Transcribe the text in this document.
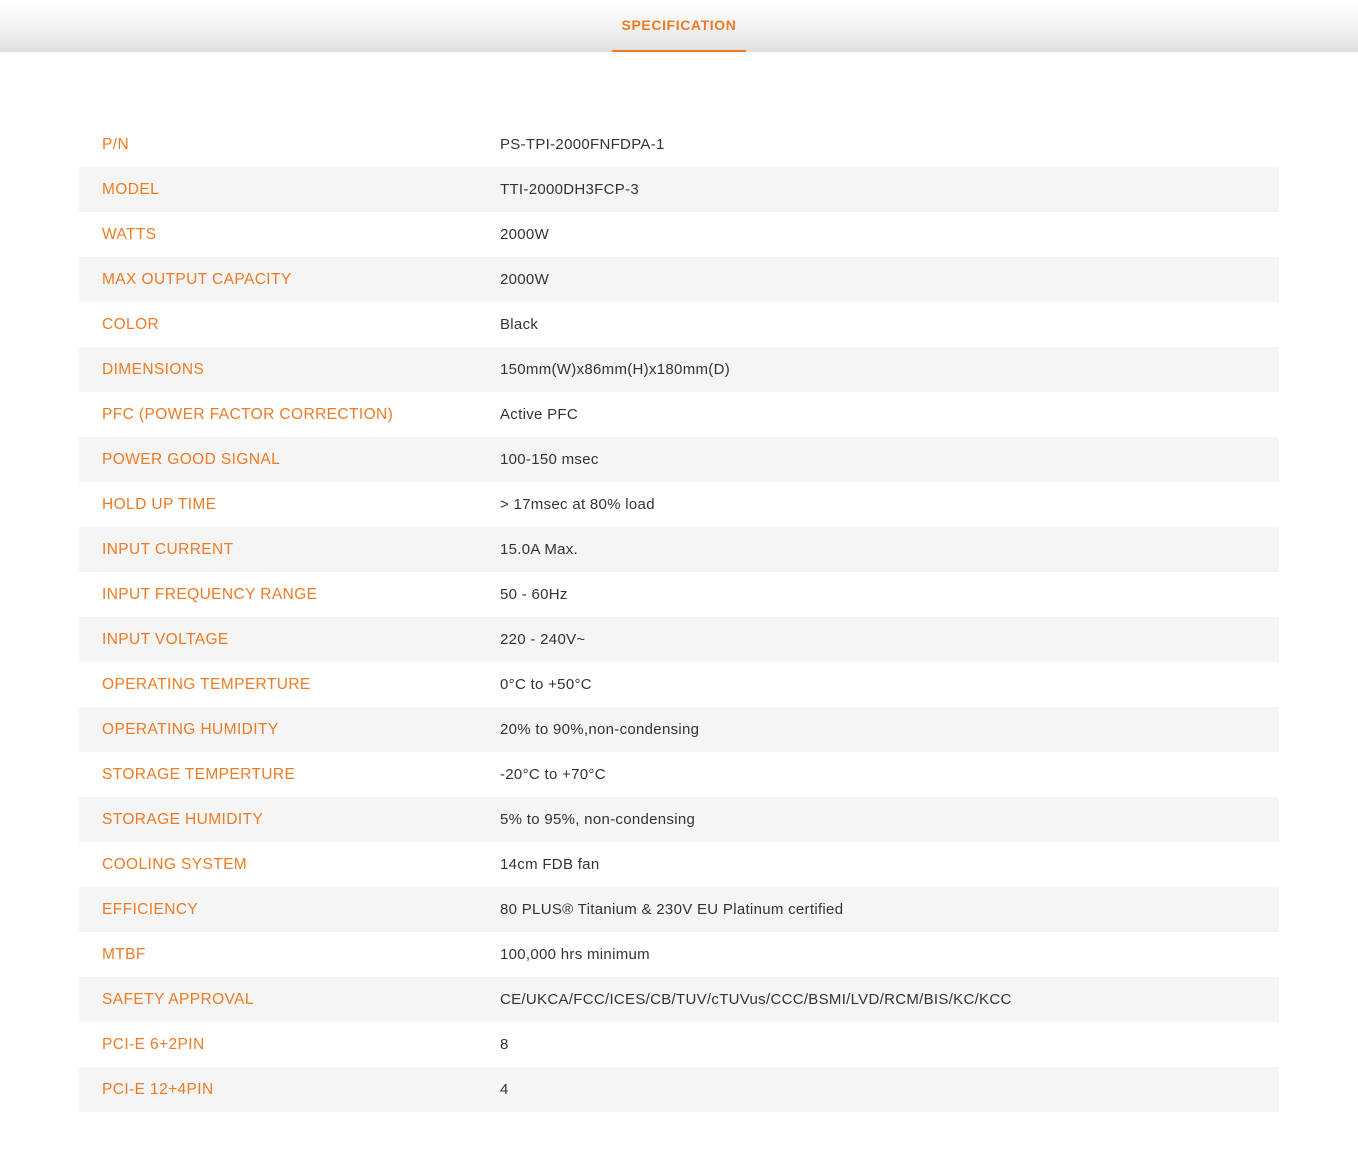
SPECIFICATION
P/N	PS-TPI-2000FNFDPA-1
MODEL	TTI-2000DH3FCP-3
WATTS	2000W
MAX OUTPUT CAPACITY	2000W
COLOR	Black
DIMENSIONS	150mm(W)x86mm(H)x180mm(D)
PFC (POWER FACTOR CORRECTION)	Active PFC
POWER GOOD SIGNAL	100-150 msec
HOLD UP TIME	> 17msec at 80% load
INPUT CURRENT	15.0A Max.
INPUT FREQUENCY RANGE	50 - 60Hz
INPUT VOLTAGE	220 - 240V~
OPERATING TEMPERTURE	0°C to +50°C
OPERATING HUMIDITY	20% to 90%,non-condensing
STORAGE TEMPERTURE	-20°C to +70°C
STORAGE HUMIDITY	5% to 95%, non-condensing
COOLING SYSTEM	14cm FDB fan
EFFICIENCY	80 PLUS® Titanium & 230V EU Platinum certified
MTBF	100,000 hrs minimum
SAFETY APPROVAL	CE/UKCA/FCC/ICES/CB/TUV/cTUVus/CCC/BSMI/LVD/RCM/BIS/KC/KCC
PCI-E 6+2PIN	8
PCI-E 12+4PIN	4
